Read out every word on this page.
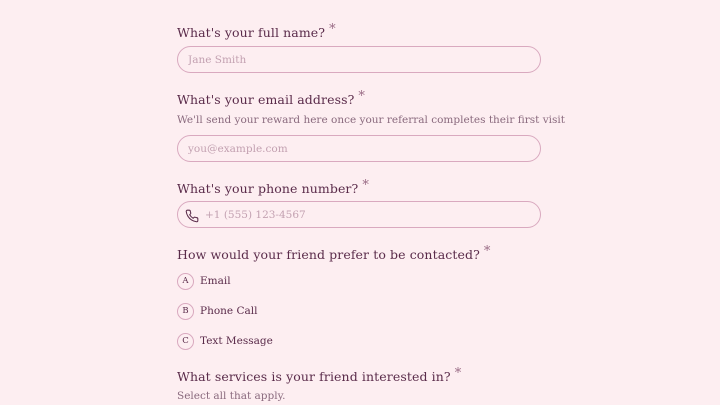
What's your full name? *
Jane Smith
What's your email address? *
We'll send your reward here once your referral completes their first visit
you@example.com
What's your phone number? *
+1 (555) 123-4567
How would your friend prefer to be contacted? *
A	Email
B	Phone Call
C	Text Message
What services is your friend interested in? *
Select all that apply.
